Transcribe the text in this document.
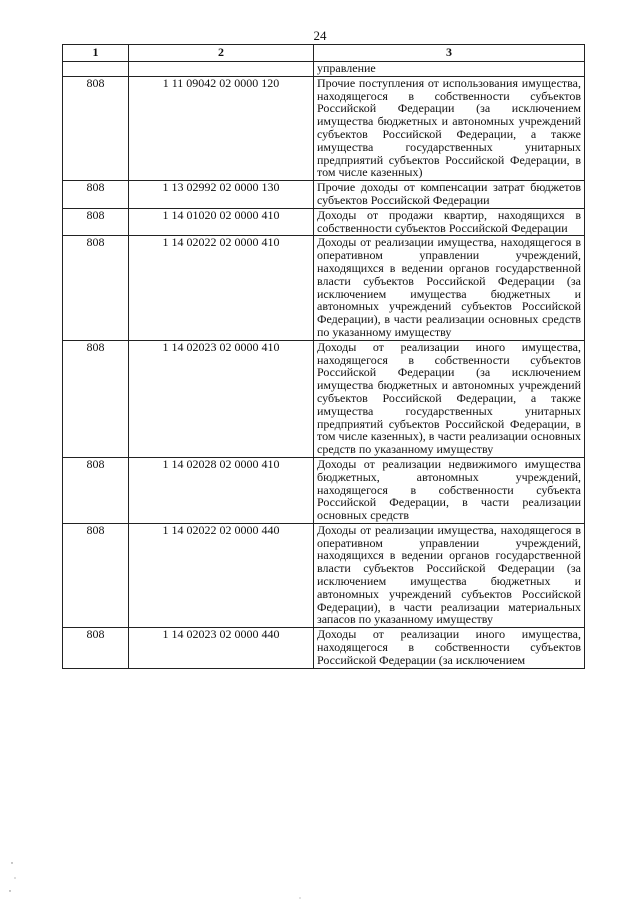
24
1	2	3
		управление
808	1 11 09042 02 0000 120	Прочие поступления от использования имущества, находящегося в собственности субъектов Российской Федерации (за исключением имущества бюджетных и автономных учреждений субъектов Российской Федерации, а также имущества государственных унитарных предприятий субъектов Российской Федерации, в том числе казенных)
808	1 13 02992 02 0000 130	Прочие доходы от компенсации затрат бюджетов субъектов Российской Федерации
808	1 14 01020 02 0000 410	Доходы от продажи квартир, находящихся в собственности субъектов Российской Федерации
808	1 14 02022 02 0000 410	Доходы от реализации имущества, находящегося в оперативном управлении учреждений, находящихся в ведении органов государственной власти субъектов Российской Федерации (за исключением имущества бюджетных и автономных учреждений субъектов Российской Федерации), в части реализации основных средств по указанному имуществу
808	1 14 02023 02 0000 410	Доходы от реализации иного имущества, находящегося в собственности субъектов Российской Федерации (за исключением имущества бюджетных и автономных учреждений субъектов Российской Федерации, а также имущества государственных унитарных предприятий субъектов Российской Федерации, в том числе казенных), в части реализации основных средств по указанному имуществу
808	1 14 02028 02 0000 410	Доходы от реализации недвижимого имущества бюджетных, автономных учреждений, находящегося в собственности субъекта Российской Федерации, в части реализации основных средств
808	1 14 02022 02 0000 440	Доходы от реализации имущества, находящегося в оперативном управлении учреждений, находящихся в ведении органов государственной власти субъектов Российской Федерации (за исключением имущества бюджетных и автономных учреждений субъектов Российской Федерации), в части реализации материальных запасов по указанному имуществу
808	1 14 02023 02 0000 440	Доходы от реализации иного имущества, находящегося в собственности субъектов Российской Федерации (за исключением
